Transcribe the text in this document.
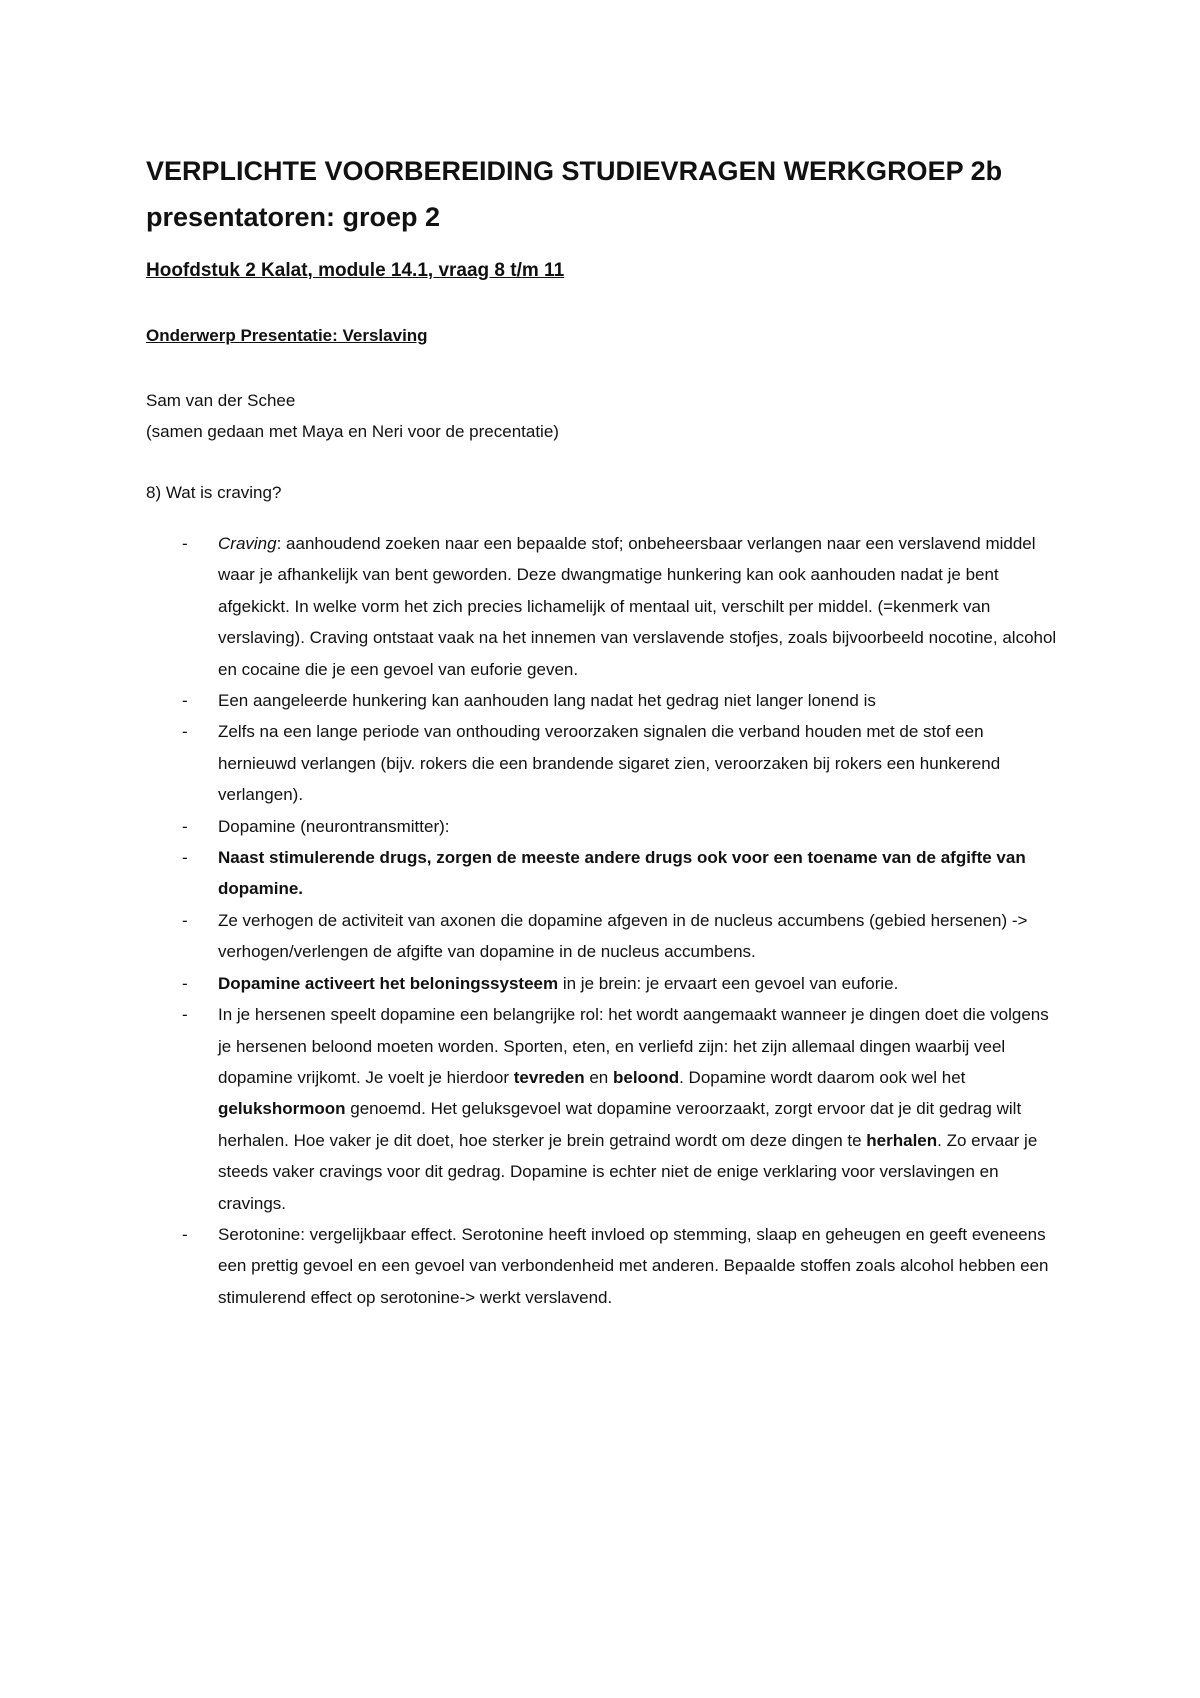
VERPLICHTE VOORBEREIDING STUDIEVRAGEN WERKGROEP 2b
presentatoren: groep 2

Hoofdstuk 2 Kalat, module 14.1, vraag 8 t/m 11

Onderwerp Presentatie: Verslaving

Sam van der Schee
(samen gedaan met Maya en Neri voor de precentatie)

8) Wat is craving?

- Craving: aanhoudend zoeken naar een bepaalde stof; onbeheersbaar verlangen naar een verslavend middel waar je afhankelijk van bent geworden. Deze dwangmatige hunkering kan ook aanhouden nadat je bent afgekickt. In welke vorm het zich precies lichamelijk of mentaal uit, verschilt per middel. (=kenmerk van verslaving). Craving ontstaat vaak na het innemen van verslavende stofjes, zoals bijvoorbeeld nocotine, alcohol en cocaine die je een gevoel van euforie geven.
- Een aangeleerde hunkering kan aanhouden lang nadat het gedrag niet langer lonend is
- Zelfs na een lange periode van onthouding veroorzaken signalen die verband houden met de stof een hernieuwd verlangen (bijv. rokers die een brandende sigaret zien, veroorzaken bij rokers een hunkerend verlangen).
- Dopamine (neurontransmitter):
- Naast stimulerende drugs, zorgen de meeste andere drugs ook voor een toename van de afgifte van dopamine.
- Ze verhogen de activiteit van axonen die dopamine afgeven in de nucleus accumbens (gebied hersenen) -> verhogen/verlengen de afgifte van dopamine in de nucleus accumbens.
- Dopamine activeert het beloningssysteem in je brein: je ervaart een gevoel van euforie.
- In je hersenen speelt dopamine een belangrijke rol: het wordt aangemaakt wanneer je dingen doet die volgens je hersenen beloond moeten worden. Sporten, eten, en verliefd zijn: het zijn allemaal dingen waarbij veel dopamine vrijkomt. Je voelt je hierdoor tevreden en beloond. Dopamine wordt daarom ook wel het gelukshormoon genoemd. Het geluksgevoel wat dopamine veroorzaakt, zorgt ervoor dat je dit gedrag wilt herhalen. Hoe vaker je dit doet, hoe sterker je brein getraind wordt om deze dingen te herhalen. Zo ervaar je steeds vaker cravings voor dit gedrag. Dopamine is echter niet de enige verklaring voor verslavingen en cravings.
- Serotonine: vergelijkbaar effect. Serotonine heeft invloed op stemming, slaap en geheugen en geeft eveneens een prettig gevoel en een gevoel van verbondenheid met anderen. Bepaalde stoffen zoals alcohol hebben een stimulerend effect op serotonine-> werkt verslavend.
